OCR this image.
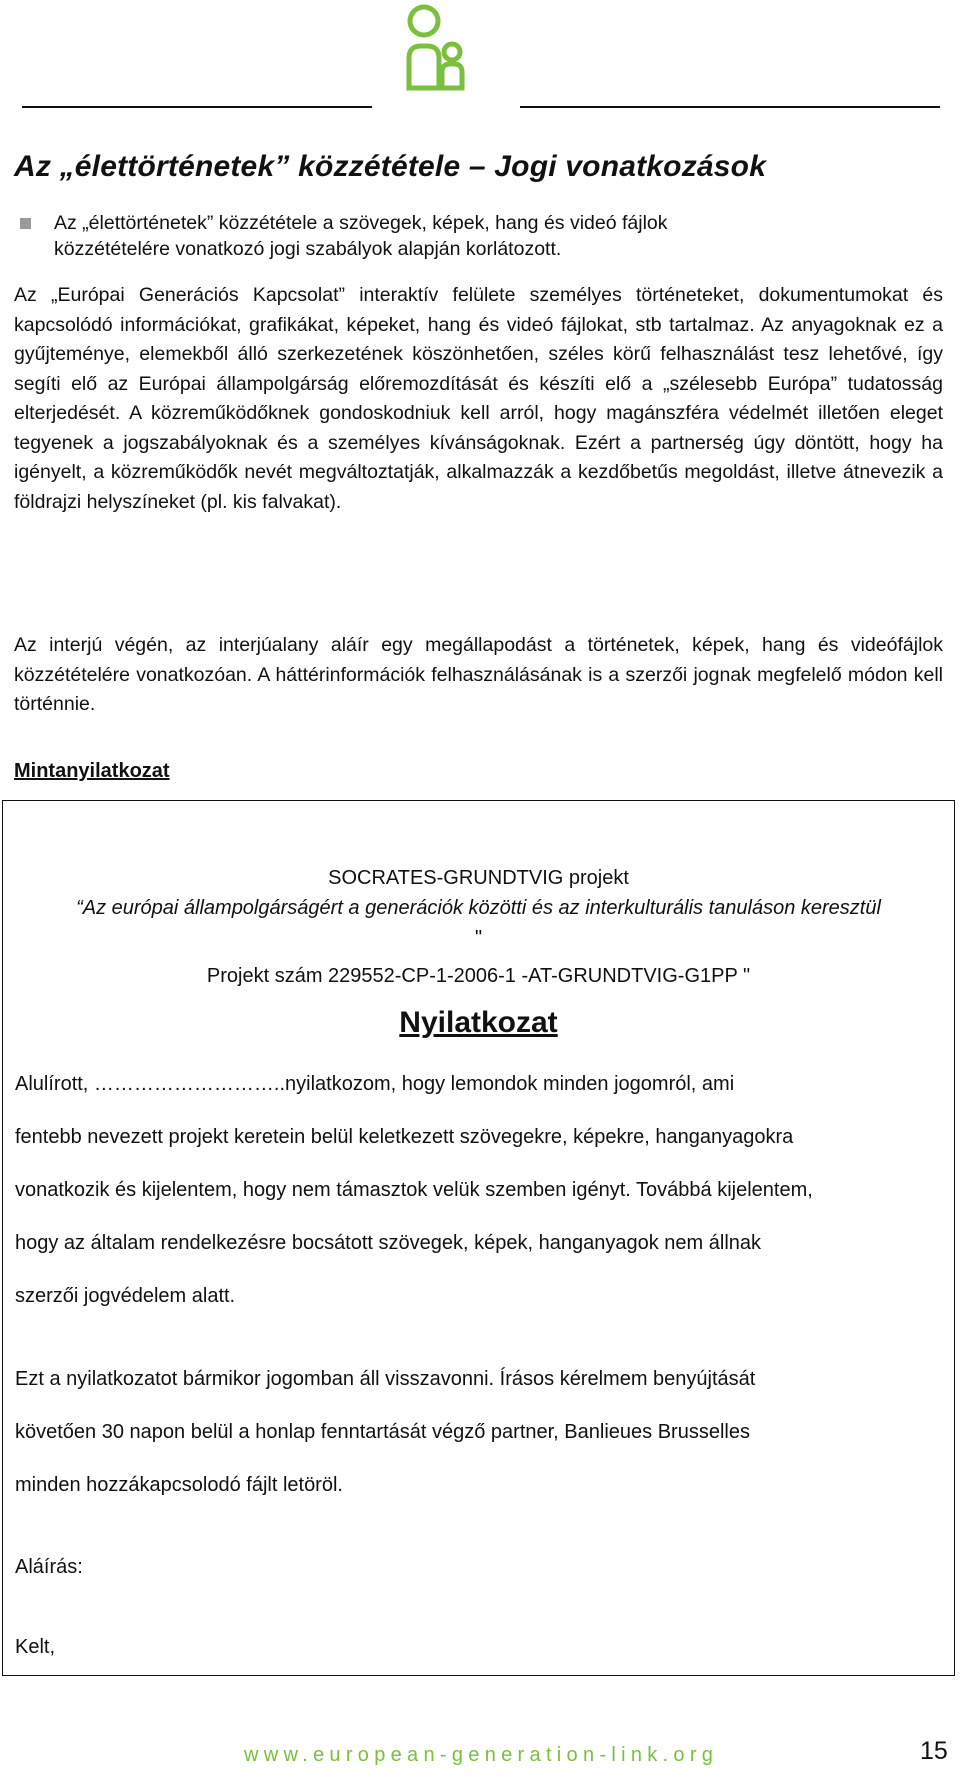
Az „élettörténetek” közzététele – Jogi vonatkozások

Az „élettörténetek” közzététele a szövegek, képek, hang és videó fájlok
közzétételére vonatkozó jogi szabályok alapján korlátozott.

Az „Európai Generációs Kapcsolat” interaktív felülete személyes történeteket, dokumentumokat és kapcsolódó információkat, grafikákat, képeket, hang és videó fájlokat, stb tartalmaz. Az anyagoknak ez a gyűjteménye, elemekből álló szerkezetének köszönhetően, széles körű felhasználást tesz lehetővé, így segíti elő az Európai állampolgárság előremozdítását és készíti elő a „szélesebb Európa” tudatosság elterjedését. A közreműködőknek gondoskodniuk kell arról, hogy magánszféra védelmét illetően eleget tegyenek a jogszabályoknak és a személyes kívánságoknak. Ezért a partnerség úgy döntött, hogy ha igényelt, a közreműködők nevét megváltoztatják, alkalmazzák a kezdőbetűs megoldást, illetve átnevezik a földrajzi helyszíneket (pl. kis falvakat).

Az interjú végén, az interjúalany aláír egy megállapodást a történetek, képek, hang és videófájlok közzétételére vonatkozóan. A háttérinformációk felhasználásának is a szerzői jognak megfelelő módon kell történnie.

Mintanyilatkozat

SOCRATES-GRUNDTVIG projekt

“Az európai állampolgárságért a generációk közötti és az interkulturális tanuláson keresztül

"

Projekt szám 229552-CP-1-2006-1 -AT-GRUNDTVIG-G1PP "

Nyilatkozat

Alulírott, ………………………..nyilatkozom, hogy lemondok minden jogomról, ami
fentebb nevezett projekt keretein belül keletkezett szövegekre, képekre, hanganyagokra
vonatkozik és kijelentem, hogy nem támasztok velük szemben igényt. Továbbá kijelentem,
hogy az általam rendelkezésre bocsátott szövegek, képek, hanganyagok nem állnak
szerzői jogvédelem alatt.

Ezt a nyilatkozatot bármikor jogomban áll visszavonni. Írásos kérelmem benyújtását
követően 30 napon belül a honlap fenntartását végző partner, Banlieues Brusselles
minden hozzákapcsolodó fájlt letöröl.

Aláírás:

Kelt,

www.european-generation-link.org	15
